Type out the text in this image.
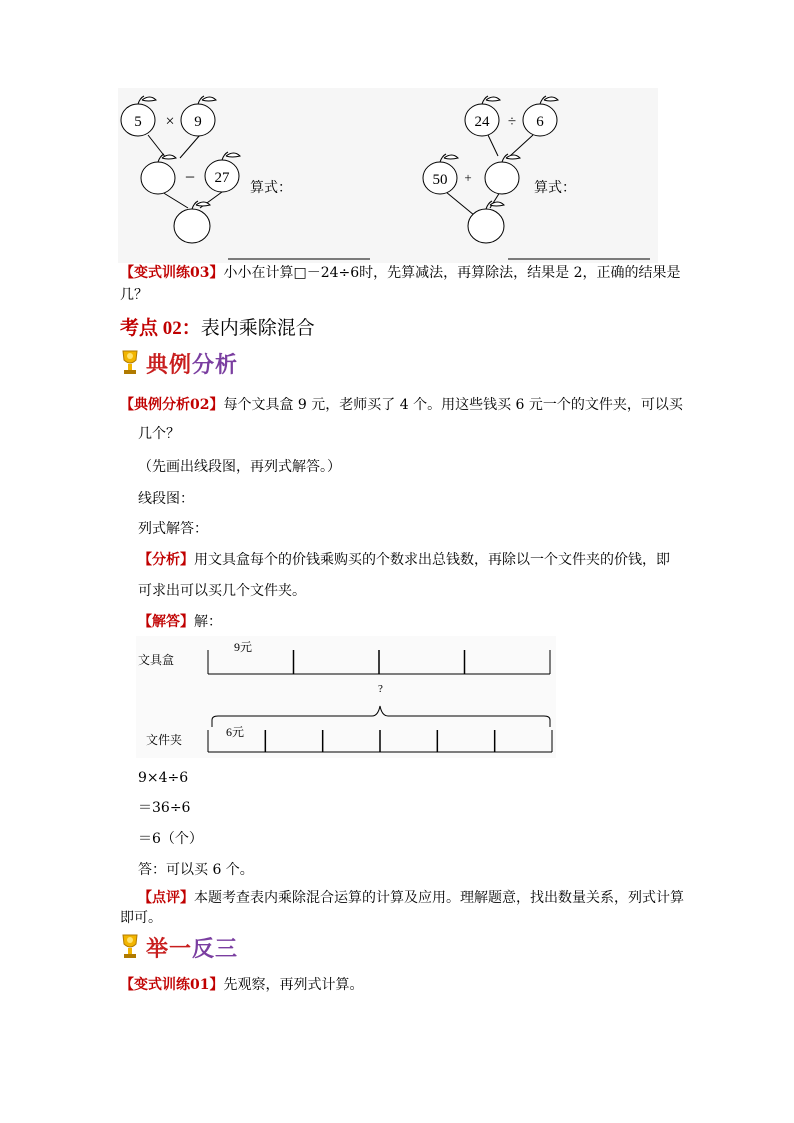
5 × 9
− 27
算式：
24 ÷ 6
50 +
算式：
【变式训练03】小小在计算□－24÷6时，先算减法，再算除法，结果是 2，正确的结果是
几？
考点 02：表内乘除混合
典例分析
【典例分析02】每个文具盒 9 元，老师买了 4 个。用这些钱买 6 元一个的文件夹，可以买
几个？
（先画出线段图，再列式解答。）
线段图：
列式解答：
【分析】用文具盒每个的价钱乘购买的个数求出总钱数，再除以一个文件夹的价钱，即
可求出可以买几个文件夹。
【解答】解：
文具盒
9元
?
文件夹
6元
9×4÷6
＝36÷6
＝6（个）
答：可以买 6 个。
【点评】本题考查表内乘除混合运算的计算及应用。理解题意，找出数量关系，列式计算
即可。
举一反三
【变式训练01】先观察，再列式计算。
